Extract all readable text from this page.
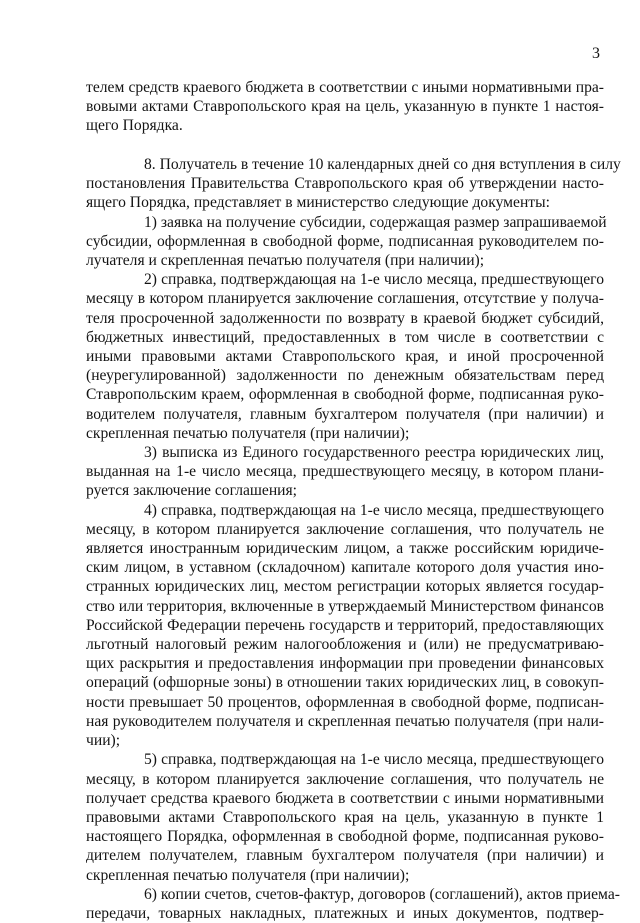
3
телем средств краевого бюджета в соответствии с иными нормативными пра-
вовыми актами Ставропольского края на цель, указанную в пункте 1 настоя-
щего Порядка.
8. Получатель в течение 10 календарных дней со дня вступления в силу
постановления Правительства Ставропольского края об утверждении насто-
ящего Порядка, представляет в министерство следующие документы:
1) заявка на получение субсидии, содержащая размер запрашиваемой
субсидии, оформленная в свободной форме, подписанная руководителем по-
лучателя и скрепленная печатью получателя (при наличии);
2) справка, подтверждающая на 1-е число месяца, предшествующего
месяцу в котором планируется заключение соглашения, отсутствие у получа-
теля просроченной задолженности по возврату в краевой бюджет субсидий,
бюджетных инвестиций, предоставленных в том числе в соответствии с
иными правовыми актами Ставропольского края, и иной просроченной
(неурегулированной) задолженности по денежным обязательствам перед
Ставропольским краем, оформленная в свободной форме, подписанная руко-
водителем получателя, главным бухгалтером получателя (при наличии) и
скрепленная печатью получателя (при наличии);
3) выписка из Единого государственного реестра юридических лиц,
выданная на 1-е число месяца, предшествующего месяцу, в котором плани-
руется заключение соглашения;
4) справка, подтверждающая на 1-е число месяца, предшествующего
месяцу, в котором планируется заключение соглашения, что получатель не
является иностранным юридическим лицом, а также российским юридиче-
ским лицом, в уставном (складочном) капитале которого доля участия ино-
странных юридических лиц, местом регистрации которых является государ-
ство или территория, включенные в утверждаемый Министерством финансов
Российской Федерации перечень государств и территорий, предоставляющих
льготный налоговый режим налогообложения и (или) не предусматриваю-
щих раскрытия и предоставления информации при проведении финансовых
операций (офшорные зоны) в отношении таких юридических лиц, в совокуп-
ности превышает 50 процентов, оформленная в свободной форме, подписан-
ная руководителем получателя и скрепленная печатью получателя (при нали-
чии);
5) справка, подтверждающая на 1-е число месяца, предшествующего
месяцу, в котором планируется заключение соглашения, что получатель не
получает средства краевого бюджета в соответствии с иными нормативными
правовыми актами Ставропольского края на цель, указанную в пункте 1
настоящего Порядка, оформленная в свободной форме, подписанная руково-
дителем получателем, главным бухгалтером получателя (при наличии) и
скрепленная печатью получателя (при наличии);
6) копии счетов, счетов-фактур, договоров (соглашений), актов приема-
передачи, товарных накладных, платежных и иных документов, подтвер-
